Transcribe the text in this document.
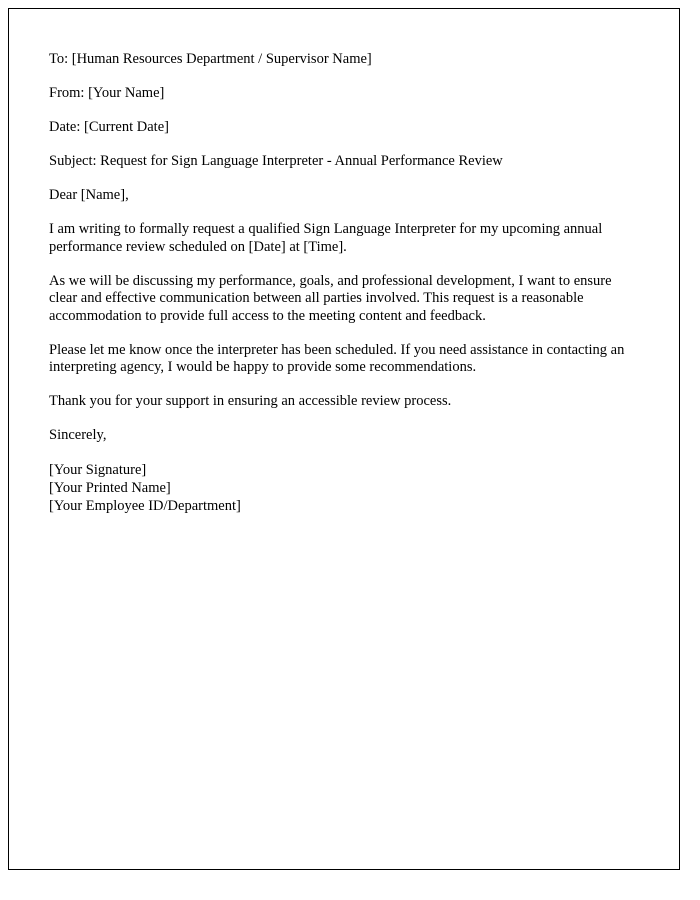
To: [Human Resources Department / Supervisor Name]

From: [Your Name]

Date: [Current Date]

Subject: Request for Sign Language Interpreter - Annual Performance Review

Dear [Name],

I am writing to formally request a qualified Sign Language Interpreter for my upcoming annual performance review scheduled on [Date] at [Time].

As we will be discussing my performance, goals, and professional development, I want to ensure clear and effective communication between all parties involved. This request is a reasonable accommodation to provide full access to the meeting content and feedback.

Please let me know once the interpreter has been scheduled. If you need assistance in contacting an interpreting agency, I would be happy to provide some recommendations.

Thank you for your support in ensuring an accessible review process.

Sincerely,

[Your Signature]

[Your Printed Name]

[Your Employee ID/Department]
